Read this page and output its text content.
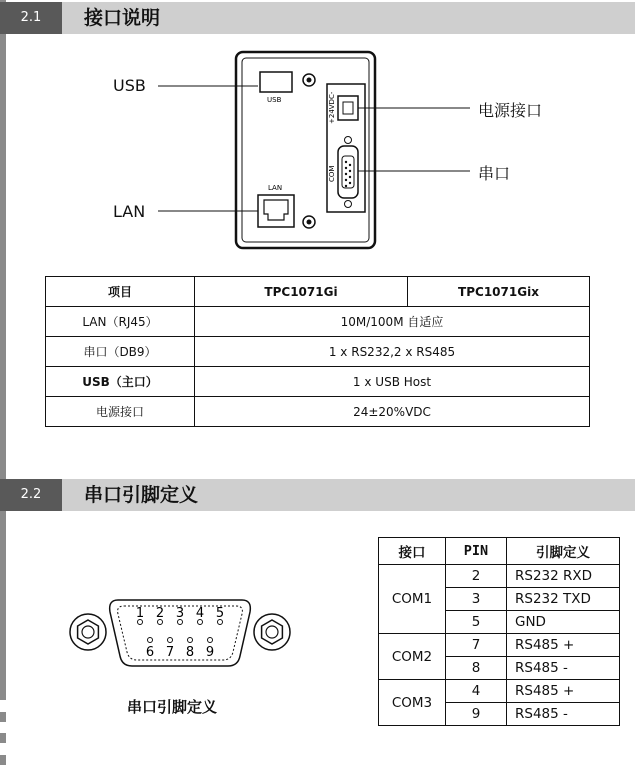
2.1	接口说明
USB	+24VDC-
COM
LAN
USB
LAN
电源接口
串口
项目	TPC1071Gi	TPC1071Gix
LAN（RJ45）	10M/100M 自适应	
串口（DB9）	1 x RS232,2 x RS485	
USB（主口）	1 x USB Host	
电源接口	24±20%VDC	
2.2	串口引脚定义
1 2 3 4 5
6 7 8 9
串口引脚定义
接口	PIN	引脚定义
COM1	2	RS232 RXD
	3	RS232 TXD
	5	GND
COM2	7	RS485 +
	8	RS485 -
COM3	4	RS485 +
	9	RS485 -
